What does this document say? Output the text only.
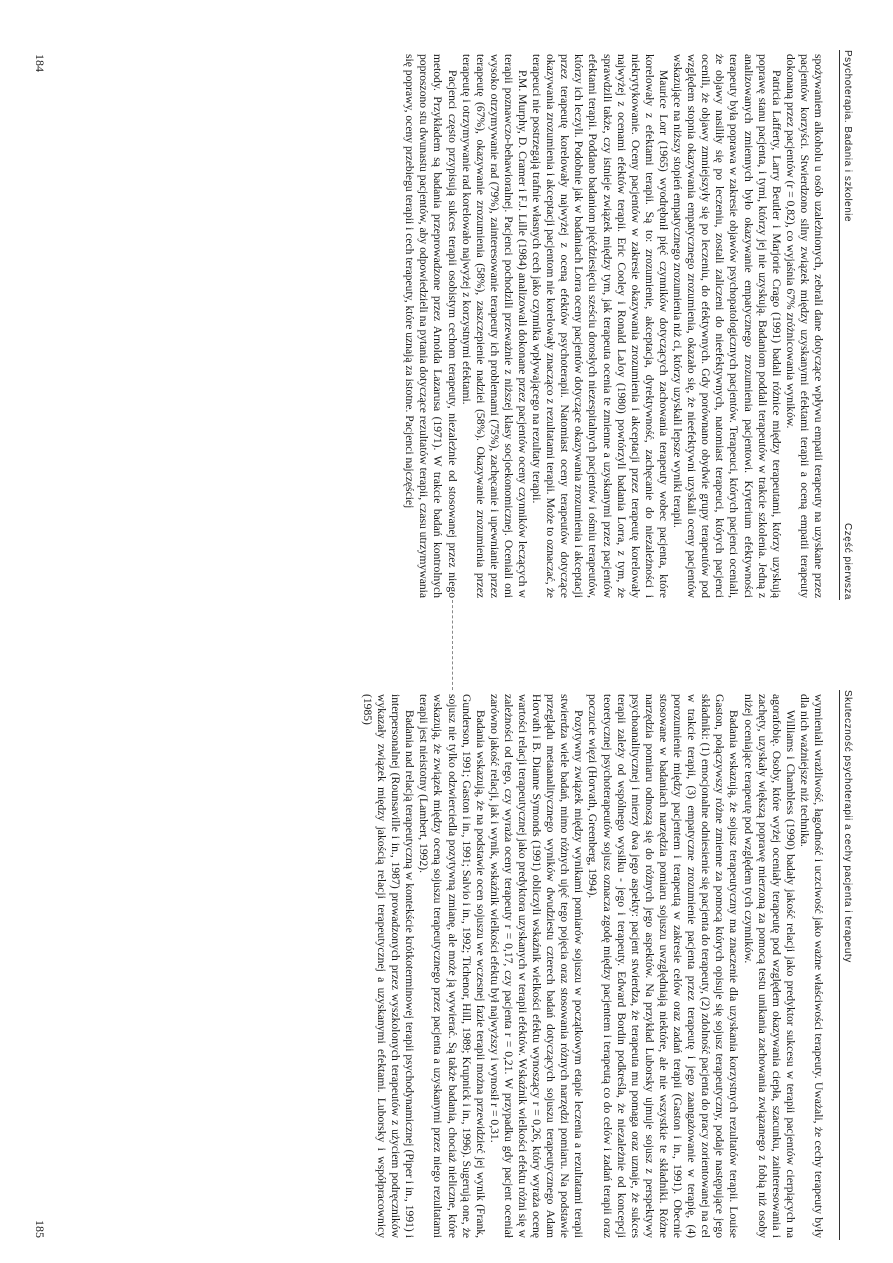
Psychoterapia. Badania i szkolenie
Część pierwsza

spożywaniem alkoholu u osób uzależnionych, zebrali dane dotyczące wpływu empatii terapeuty na uzyskane przez pacjentów korzyści. Stwierdzono silny związek między uzyskanymi efektami terapii a oceną empatii terapeuty dokonaną przez pacjentów (r = 0,82), co wyjaśnia 67% zróżnicowania wyników.

Patricia Lafferty, Larry Beutler i Marjorie Crago (1991) badali różnice między terapeutami, którzy uzyskują poprawę stanu pacjenta, i tymi, którzy jej nie uzyskują. Badaniom poddali terapeutów w trakcie szkolenia. Jedną z analizowanych zmiennych było okazywanie empatycznego zrozumienia pacjentowi. Kryterium efektywności terapeuty była poprawa w zakresie objawów psychopatologicznych pacjentów. Terapeuci, których pacjenci oceniali, że objawy nasiliły się po leczeniu, zostali zaliczeni do nieefektywnych, natomiast terapeuci, których pacjenci ocenili, że objawy zmniejszyły się po leczeniu, do efektywnych. Gdy porównano obydwie grupy terapeutów pod względem stopnia okazywania empatycznego zrozumienia, okazało się, że nieefektywni uzyskali oceny pacjentów wskazujące na niższy stopień empatycznego zrozumienia niż ci, którzy uzyskali lepsze wyniki terapii.

Maurice Lorr (1965) wyodrębnił pięć czynników dotyczących zachowania terapeuty wobec pacjenta, które korelowały z efektami terapii. Są to: zrozumienie, akceptacja, dyrektywność, zachęcanie do niezależności i niekrytykowanie. Oceny pacjentów w zakresie okazywania zrozumienia i akceptacji przez terapeutę korelowały najwyżej z ocenami efektów terapii. Eric Cooley i Ronald LaJoy (1980) powtórzyli badania Lorra, z tym, że sprawdzili także, czy istnieje związek między tym, jak terapeuta ocenia te zmienne a uzyskanymi przez pacjentów efektami terapii. Poddano badaniom pięćdziesięciu sześciu dorosłych niezespitalnych pacjentów i ośmiu terapeutów, którzy ich leczyli. Podobnie jak w badaniach Lorra oceny pacjentów dotyczące okazywania zrozumienia i akceptacji przez terapeutę korelowały najwyżej z oceną efektów psychoterapii. Natomiast oceny terapeutów dotyczące okazywania zrozumienia i akceptacji pacjentom nie korelowały znacząco z rezultatami terapii. Może to oznaczać, że terapeuci nie postrzegają trafnie własnych cech jako czynnika wpływającego na rezultaty terapii.

P.M. Murphy, D. Cramer i F.J. Lille (1984) analizowali dokonane przez pacjentów oceny czynników leczących w terapii poznawczo-behawioralnej. Pacjenci pochodzili przeważnie z niższej klasy socjoekonomicznej. Oceniali oni wysoko otrzymywanie rad (79%), zainteresowanie terapeuty ich problemami (75%), zachęcanie i upewnianie przez terapeutę (67%), okazywanie zrozumienia (58%), zaszczepienie nadziei (58%). Okazywanie zrozumienia przez terapeutę i otrzymywanie rad korelowało najwyżej z korzystnymi efektami.

Pacjenci często przypisują sukces terapii osobistym cechom terapeuty, niezależnie od stosowanej przez niego metody. Przykładem są badania przeprowadzone przez Arnolda Lazarusa (1971). W trakcie badań kontrolnych poproszono stu dwunastu pacjentów, aby odpowiedzieli na pytania dotyczące rezultatów terapii, czasu utrzymywania się poprawy, oceny przebiegu terapii i cech terapeuty, które uznają za istotne. Pacjenci najczęściej

184
Skuteczność psychoterapii a cechy pacjenta i terapeuty

wymieniali wrażliwość, łagodność i uczciwość jako ważne właściwości terapeuty. Uważali, że cechy terapeuty były dla nich ważniejsze niż technika.

Williams i Chambless (1990) badały jakość relacji jako predyktor sukcesu w terapii pacjentów cierpiących na agorafobię. Osoby, które wyżej oceniały terapeutę pod względem okazywania ciepła, szacunku, zainteresowania i zachęty, uzyskały większą poprawę mierzoną za pomocą testu unikania zachowania związanego z fobią niż osoby niżej oceniające terapeutę pod względem tych czynników.

Badania wskazują, że sojusz terapeutyczny ma znaczenie dla uzyskania korzystnych rezultatów terapii. Louise Gaston, połączywszy różne zmienne za pomocą których opisuje się sojusz terapeutyczny, podaje następujące jego składniki: (1) emocjonalne odniesienie się pacjenta do terapeuty, (2) zdolność pacjenta do pracy zorientowanej na cel w trakcie terapii, (3) empatyczne zrozumienie pacjenta przez terapeutę i jego zaangażowanie w terapię, (4) porozumienie między pacjentem i terapeutą w zakresie celów oraz zadań terapii (Gaston i in., 1991). Obecnie stosowane w badaniach narzędzia pomiaru sojuszu uwzględniają niektóre, ale nie wszystkie te składniki. Różne narzędzia pomiaru odnoszą się do różnych jego aspektów. Na przykład Luborsky ujmuje sojusz z perspektywy psychoanalitycznej i mierzy dwa jego aspekty: pacjent stwierdza, że terapeuta mu pomaga oraz uznaje, że sukces terapii zależy od wspólnego wysiłku - jego i terapeuty. Edward Bordin podkreśla, że niezależnie od koncepcji teoretycznej psychoterapeutów sojusz oznacza zgodę między pacjentem i terapeutą co do celów i zadań terapii oraz poczucie więzi (Horvath, Greenberg, 1994).

Pozytywny związek między wynikami pomiarów sojuszu w początkowym etapie leczenia a rezultatami terapii stwierdza wiele badań, mimo różnych ujęć tego pojęcia oraz stosowania różnych narzędzi pomiaru. Na podstawie przeglądu metaanalitycznego wyników dwudziestu czterech badań dotyczących sojuszu terapeutycznego Adam Horvath i B. Dianne Symonds (1991) obliczyli wskaźnik wielkości efektu wynoszący r = 0,26, który wyraża ocenę wartości relacji terapeutycznej jako predyktora uzyskanych w terapii efektów. Wskaźnik wielkości efektu różni się w zależności od tego, czy wyraża oceny terapeuty r = 0,17, czy pacjenta r = 0,21. W przypadku gdy pacjent oceniał zarówno jakość relacji, jak i wynik, wskaźnik wielkości efektu był najwyższy i wynosił r = 0,31.

Badania wskazują, że na podstawie ocen sojuszu we wczesnej fazie terapii można przewidzieć jej wynik (Frank, Gunderson, 1991; Gaston i in., 1991; Salvio i in., 1992; Tichenor, Hill, 1989; Krupnick i in., 1996). Sugerują one, że sojusz nie tylko odzwierciedla pozytywną zmianę, ale może ją wywierać. Są także badania, chociaż nieliczne, które wskazują, że związek między oceną sojuszu terapeutycznego przez pacjenta a uzyskanymi przez niego rezultatami terapii jest nieistotny (Lambert, 1992).

Badania nad relacją terapeutyczną w kontekście krótkoterminowej terapii psychodynamicznej (Piper i in., 1991) i interpersonalnej (Rounsaville i in., 1987) prowadzonych przez wyszkolonych terapeutów z użyciem podręczników wykazały związek między jakością relacji terapeutycznej a uzyskanymi efektami. Luborsky i współpracownicy (1985)

185
